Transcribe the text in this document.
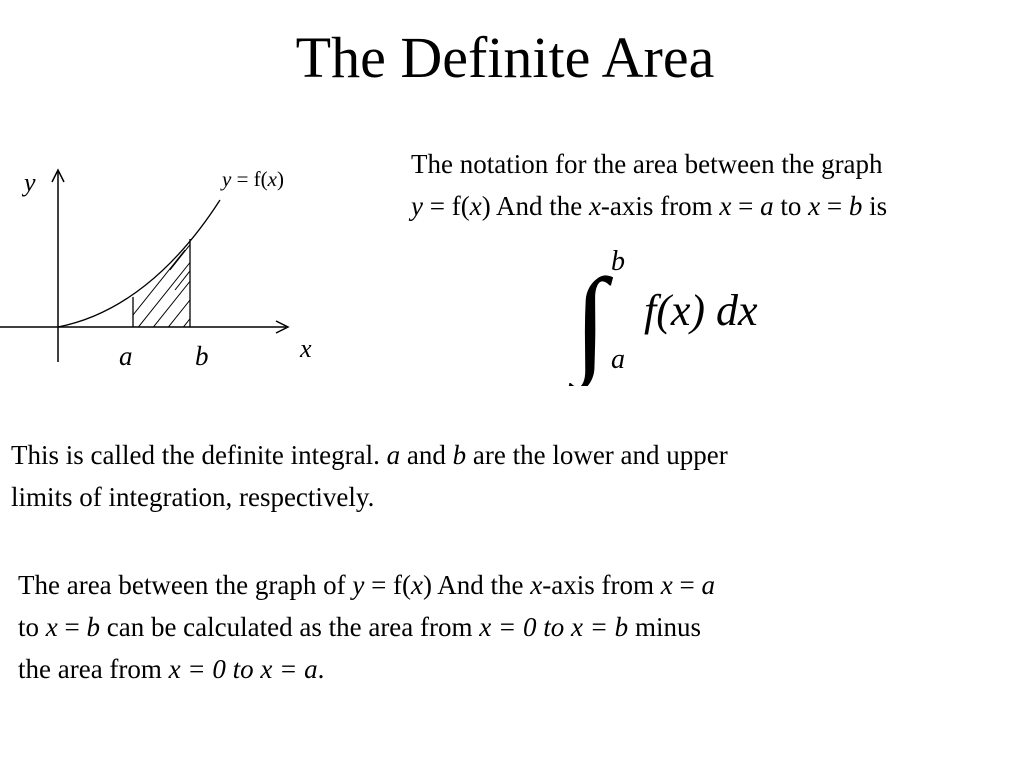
The Definite Area
y
x
y = f(x)
a b
The notation for the area between the graph
y = f(x) And the x-axis from x = a to x = b is
∫ b
a
f(x) dx
This is called the definite integral. a and b are the lower and upper
limits of integration, respectively.
The area between the graph of y = f(x) And the x-axis from x = a
to x = b can be calculated as the area from x = 0 to x = b minus
the area from x = 0 to x = a.
